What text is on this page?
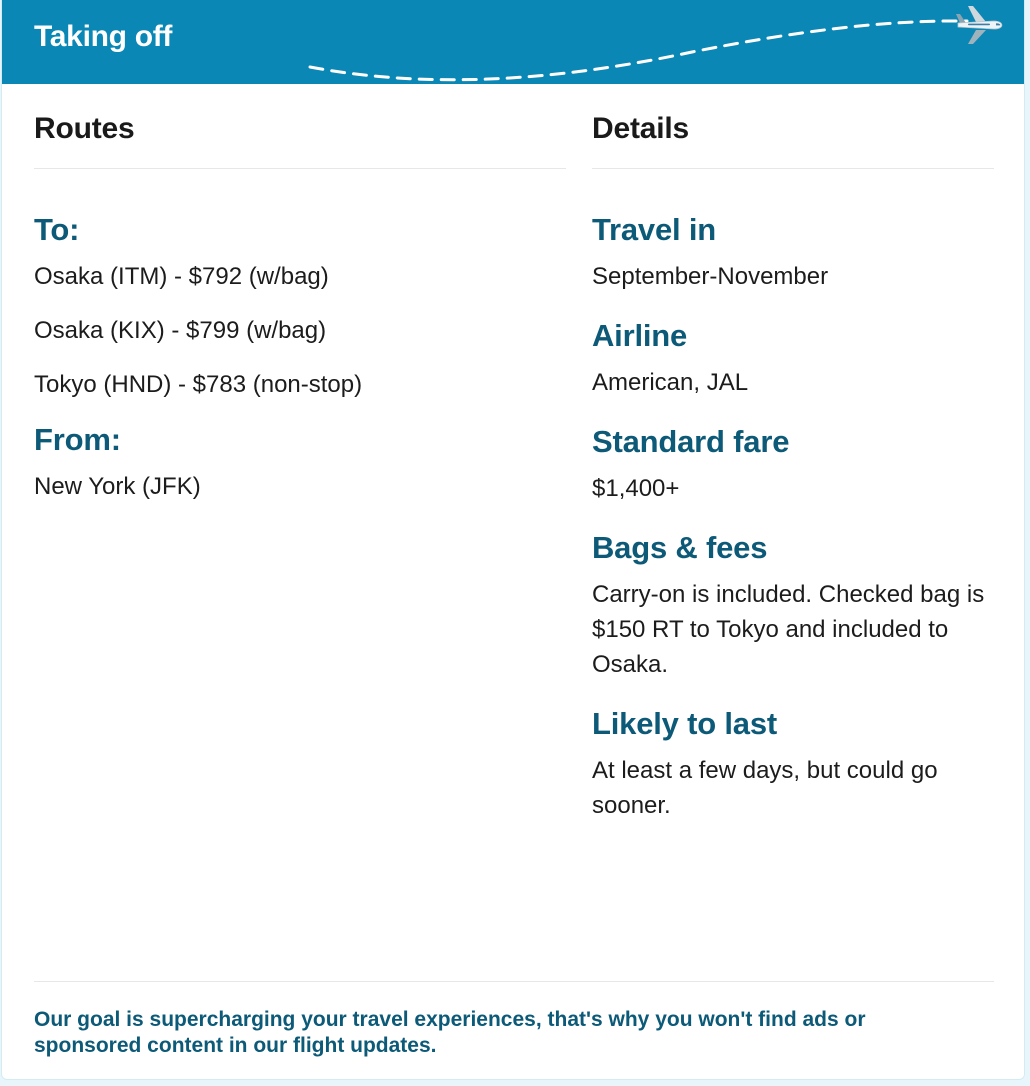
Taking off
Routes
To:

Osaka (ITM) - $792 (w/bag)

Osaka (KIX) - $799 (w/bag)

Tokyo (HND) - $783 (non-stop)

From:

New York (JFK)

Details
Travel in

September-November

Airline

American, JAL

Standard fare

$1,400+

Bags & fees

Carry-on is included. Checked bag is $150 RT to Tokyo and included to Osaka.

Likely to last

At least a few days, but could go sooner.

Our goal is supercharging your travel experiences, that's why you won't find ads or sponsored content in our flight updates.
